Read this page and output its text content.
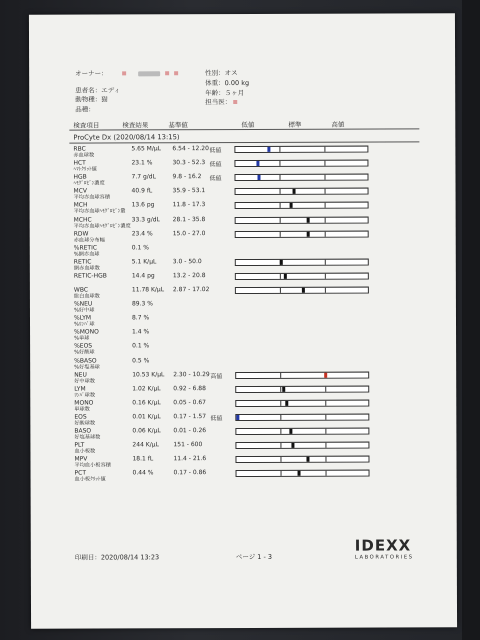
オーナー：	性別：オス
体重：0.00 kg
患者名：エディ	年齢：５ヶ月
動物種：猫	担当医：
品種：
検査項目	検査結果	基準値	低値	標準	高値
ProCyte Dx (2020/08/14 13:15)
RBC
赤血球数
5.65 M/μL 6.54 - 12.20 低値
HCT
ﾍﾏﾄｸﾘｯﾄ値
23.1 %	30.3 - 52.3 低値
HGB
ﾍﾓｸﾞﾛﾋﾞﾝ濃度
7.7 g/dL	9.8 - 16.2 低値
MCV
平均赤血球容積
40.9 fL	35.9 - 53.1
MCH
平均赤血球ﾍﾓｸﾞﾛﾋﾞﾝ量
13.6 pg	11.8 - 17.3
MCHC
平均赤血球ﾍﾓｸﾞﾛﾋﾞﾝ濃度
33.3 g/dL 28.1 - 35.8
RDW
赤血球分布幅
23.4 %	15.0 - 27.0
%RETIC
%網赤血球
0.1 %
RETIC
網赤血球数
5.1 K/μL	3.0 - 50.0
RETIC-HGB	14.4 pg	13.2 - 20.8
WBC
総白血球数
11.78 K/μL 2.87 - 17.02
%NEU
%好中球
89.3 %
%LYM
%ﾘﾝﾊﾟ球
8.7 %
%MONO
%単球
1.4 %
%EOS
%好酸球
0.1 %
%BASO
%好塩基球
0.5 %
NEU
好中球数
10.53 K/μL 2.30 - 10.29 高値
LYM
ﾘﾝﾊﾟ球数
1.02 K/μL 0.92 - 6.88
MONO
単球数
0.16 K/μL 0.05 - 0.67
EOS
好酸球数
0.01 K/μL 0.17 - 1.57 低値
BASO
好塩基球数
0.06 K/μL 0.01 - 0.26
PLT
血小板数
244 K/μL 151 - 600
MPV
平均血小板容積
18.1 fL	11.4 - 21.6
PCT
血小板ｸﾘｯﾄ値
0.44 %	0.17 - 0.86
印刷日：2020/08/14 13:23	ページ 1 - 3
IDEXX
LABORATORIES
